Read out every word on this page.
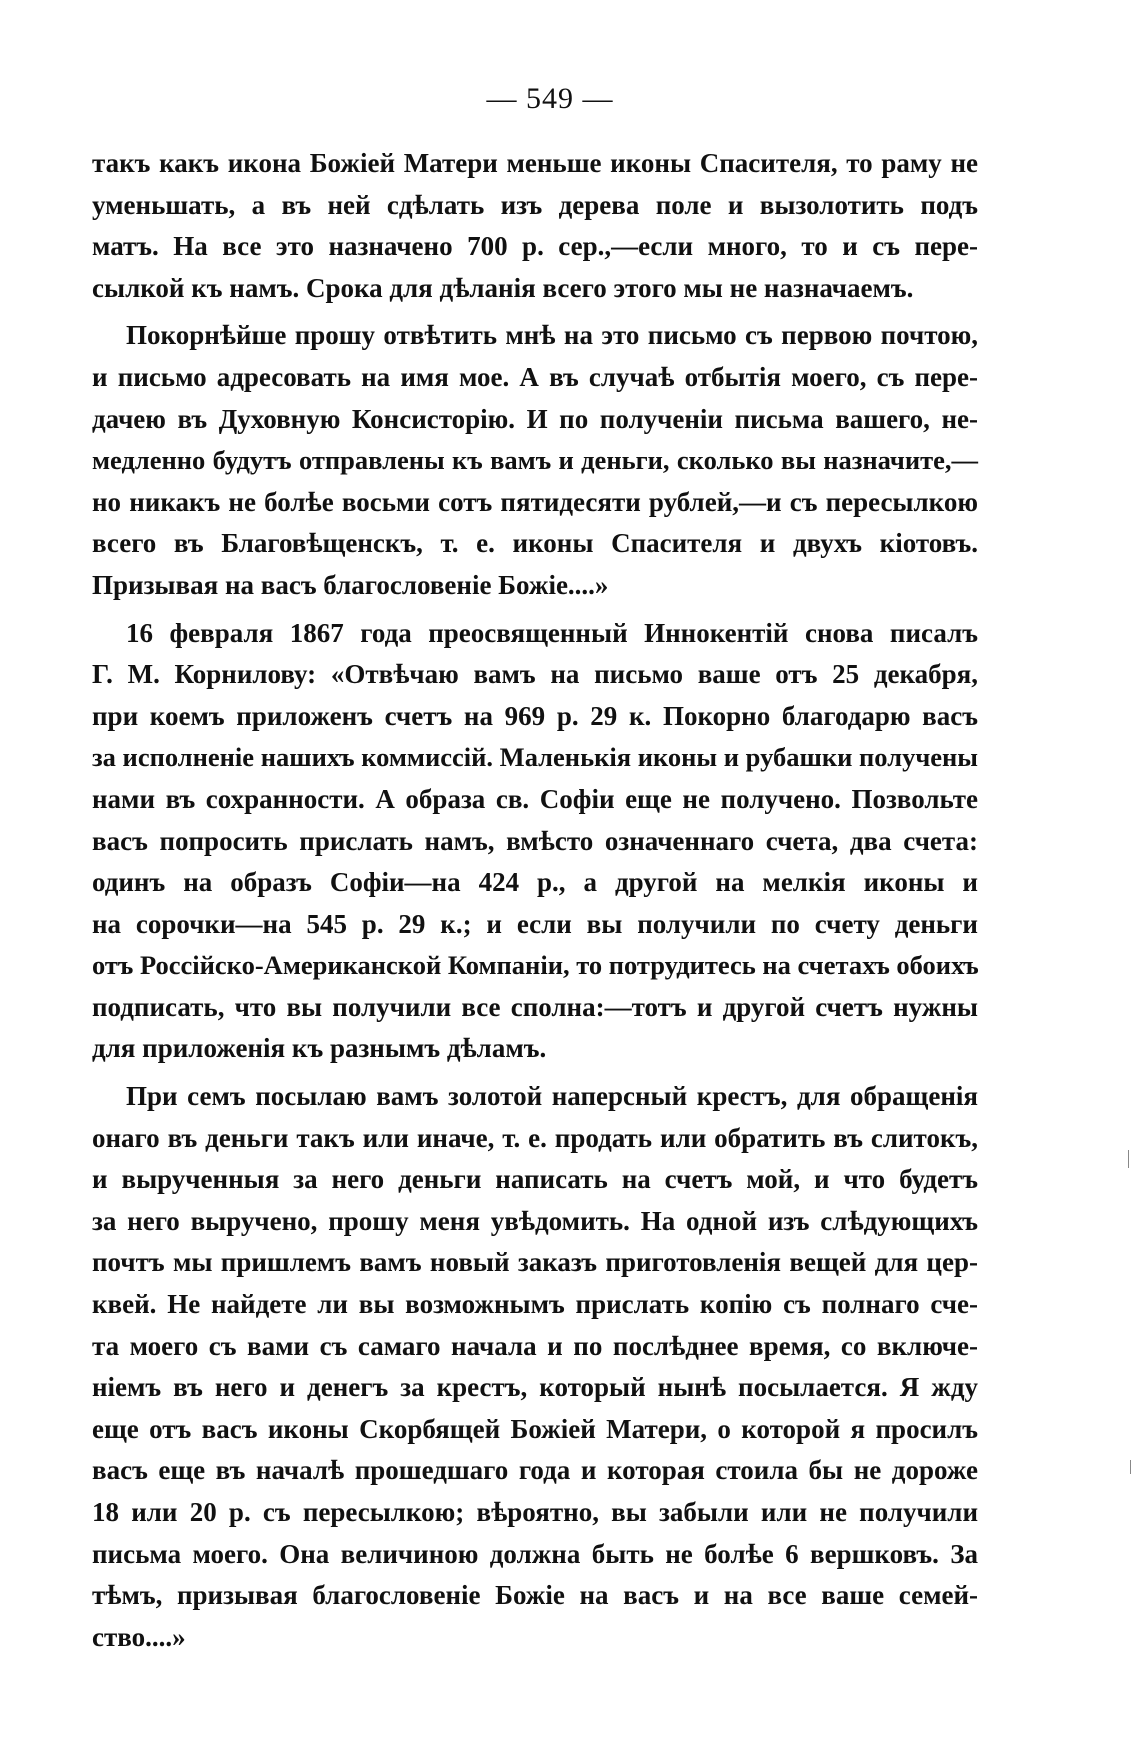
— 549 —
такъ какъ икона Божіей Матери меньше иконы Спасителя, то раму не
уменьшать, а въ ней сдѣлать изъ дерева поле и вызолотить подъ
матъ. На все это назначено 700 р. сер.,—если много, то и съ пере-
сылкой къ намъ. Срока для дѣланія всего этого мы не назначаемъ.
Покорнѣйше прошу отвѣтить мнѣ на это письмо съ первою почтою,
и письмо адресовать на имя мое. А въ случаѣ отбытія моего, съ пере-
дачею въ Духовную Консисторію. И по полученіи письма вашего, не-
медленно будутъ отправлены къ вамъ и деньги, сколько вы назначите,—
но никакъ не болѣе восьми сотъ пятидесяти рублей,—и съ пересылкою
всего въ Благовѣщенскъ, т. е. иконы Спасителя и двухъ кіотовъ.
Призывая на васъ благословеніе Божіе....»
16 февраля 1867 года преосвященный Иннокентій снова писалъ
Г. М. Корнилову: «Отвѣчаю вамъ на письмо ваше отъ 25 декабря,
при коемъ приложенъ счетъ на 969 р. 29 к. Покорно благодарю васъ
за исполненіе нашихъ коммиссій. Маленькія иконы и рубашки получены
нами въ сохранности. А образа св. Софіи еще не получено. Позвольте
васъ попросить прислать намъ, вмѣсто означеннаго счета, два счета:
одинъ на образъ Софіи—на 424 р., а другой на мелкія иконы и
на сорочки—на 545 р. 29 к.; и если вы получили по счету деньги
отъ Россійско-Американской Компаніи, то потрудитесь на счетахъ обоихъ
подписать, что вы получили все сполна:—тотъ и другой счетъ нужны
для приложенія къ разнымъ дѣламъ.
При семъ посылаю вамъ золотой наперсный крестъ, для обращенія
онаго въ деньги такъ или иначе, т. е. продать или обратить въ слитокъ,
и вырученныя за него деньги написать на счетъ мой, и что будетъ
за него выручено, прошу меня увѣдомить. На одной изъ слѣдующихъ
почтъ мы пришлемъ вамъ новый заказъ приготовленія вещей для цер-
квей. Не найдете ли вы возможнымъ прислать копію съ полнаго сче-
та моего съ вами съ самаго начала и по послѣднее время, со включе-
ніемъ въ него и денегъ за крестъ, который нынѣ посылается. Я жду
еще отъ васъ иконы Скорбящей Божіей Матери, о которой я просилъ
васъ еще въ началѣ прошедшаго года и которая стоила бы не дороже
18 или 20 р. съ пересылкою; вѣроятно, вы забыли или не получили
письма моего. Она величиною должна быть не болѣе 6 вершковъ. За
тѣмъ, призывая благословеніе Божіе на васъ и на все ваше семей-
ство....»
